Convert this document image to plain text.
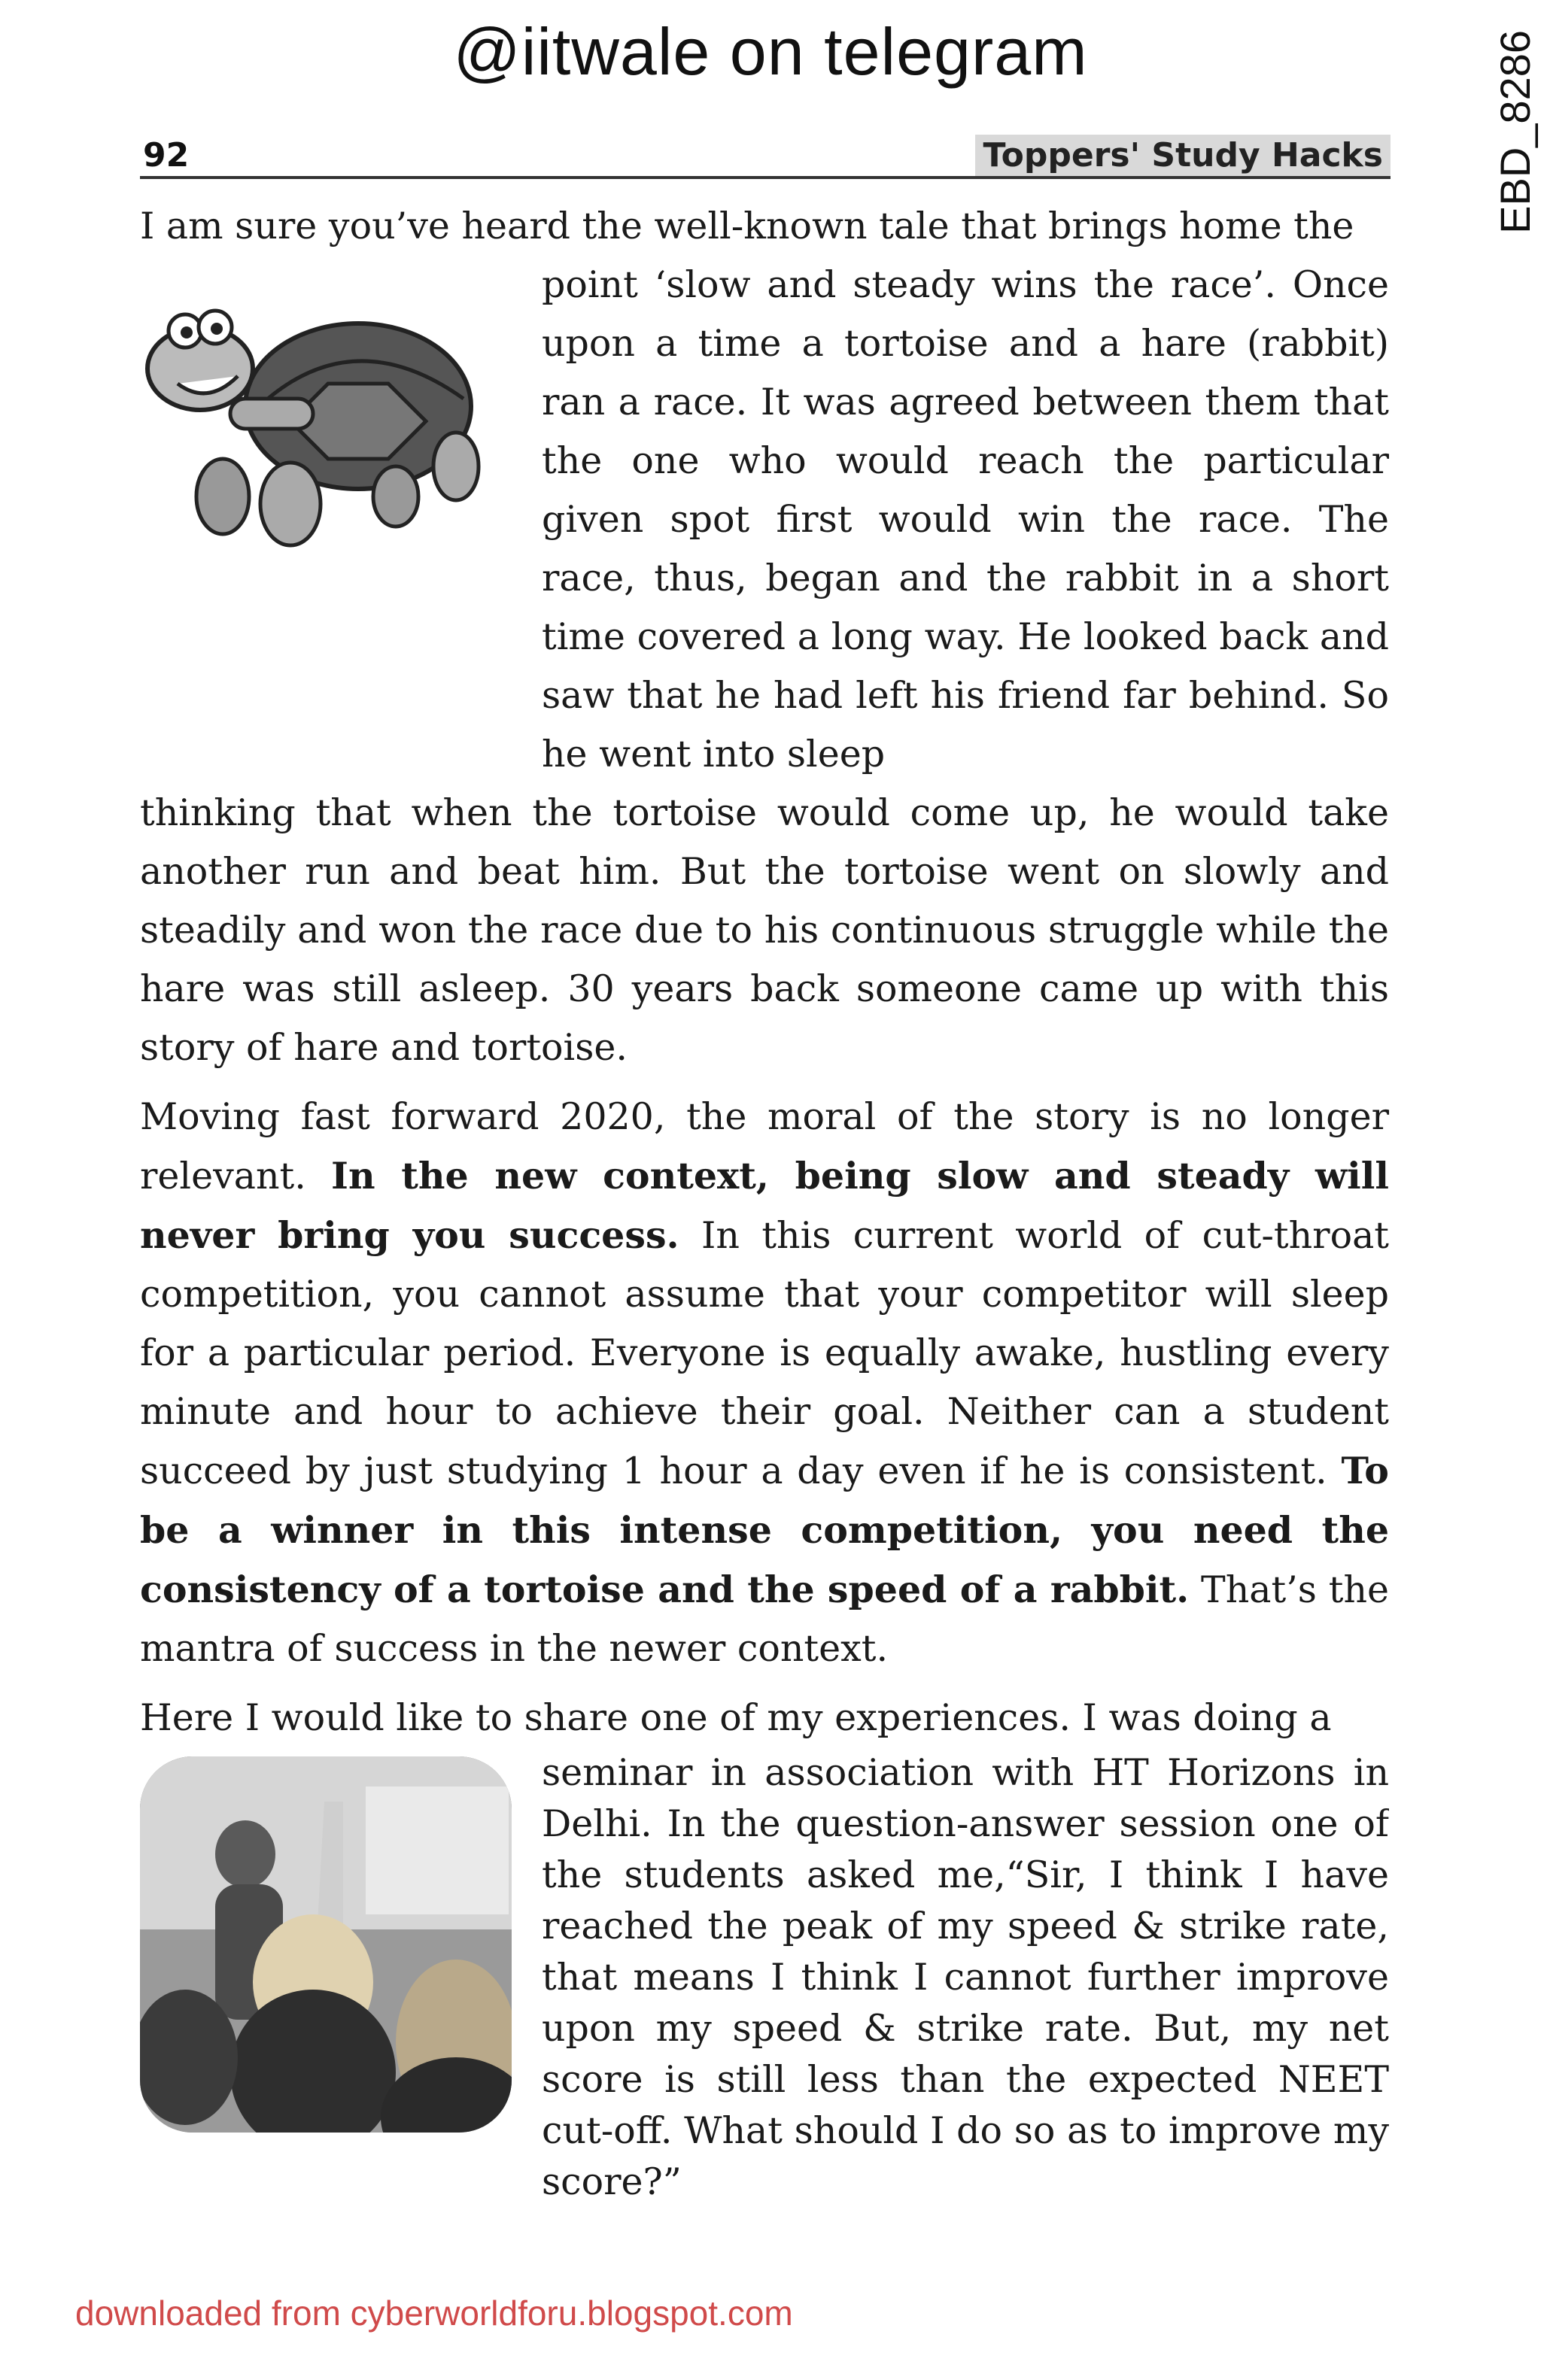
@iitwale on telegram	EBD_8286
92	Toppers' Study Hacks

I am sure you’ve heard the well-known tale that brings home the

point ‘slow and steady wins the race’. Once upon a time a tortoise and a hare (rabbit) ran a race. It was agreed between them that the one who would reach the particular given spot first would win the race. The race, thus, began and the rabbit in a short time covered a long way. He looked back and saw that he had left his friend far behind. So he went into sleep

thinking that when the tortoise would come up, he would take another run and beat him. But the tortoise went on slowly and steadily and won the race due to his continuous struggle while the hare was still asleep. 30 years back someone came up with this story of hare and tortoise.

Moving fast forward 2020, the moral of the story is no longer relevant. In the new context, being slow and steady will never bring you success. In this current world of cut-throat competition, you cannot assume that your competitor will sleep for a particular period. Everyone is equally awake, hustling every minute and hour to achieve their goal. Neither can a student succeed by just studying 1 hour a day even if he is consistent. To be a winner in this intense competition, you need the consistency of a tortoise and the speed of a rabbit. That’s the mantra of success in the newer context.

Here I would like to share one of my experiences. I was doing a

seminar in association with HT Horizons in Delhi. In the question-answer session one of the students asked me,“Sir, I think I have reached the peak of my speed & strike rate, that means I think I cannot further improve upon my speed & strike rate. But, my net score is still less than the expected NEET cut-off. What should I do so as to improve my score?”

downloaded from cyberworldforu.blogspot.com
